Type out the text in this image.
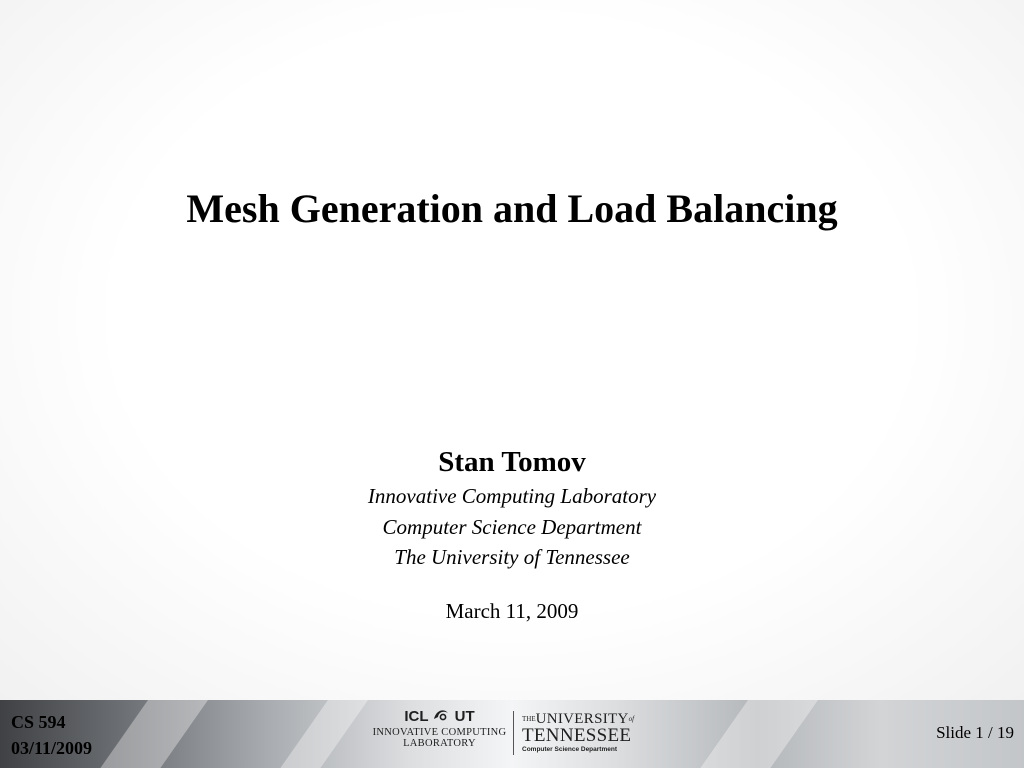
Mesh Generation and Load Balancing
Stan Tomov
Innovative Computing Laboratory
Computer Science Department
The University of Tennessee
March 11, 2009
CS 594
03/11/2009
Slide 1 / 19
ICL UT
INNOVATIVE COMPUTING
LABORATORY
THEUNIVERSITYof
TENNESSEE
Computer Science Department
